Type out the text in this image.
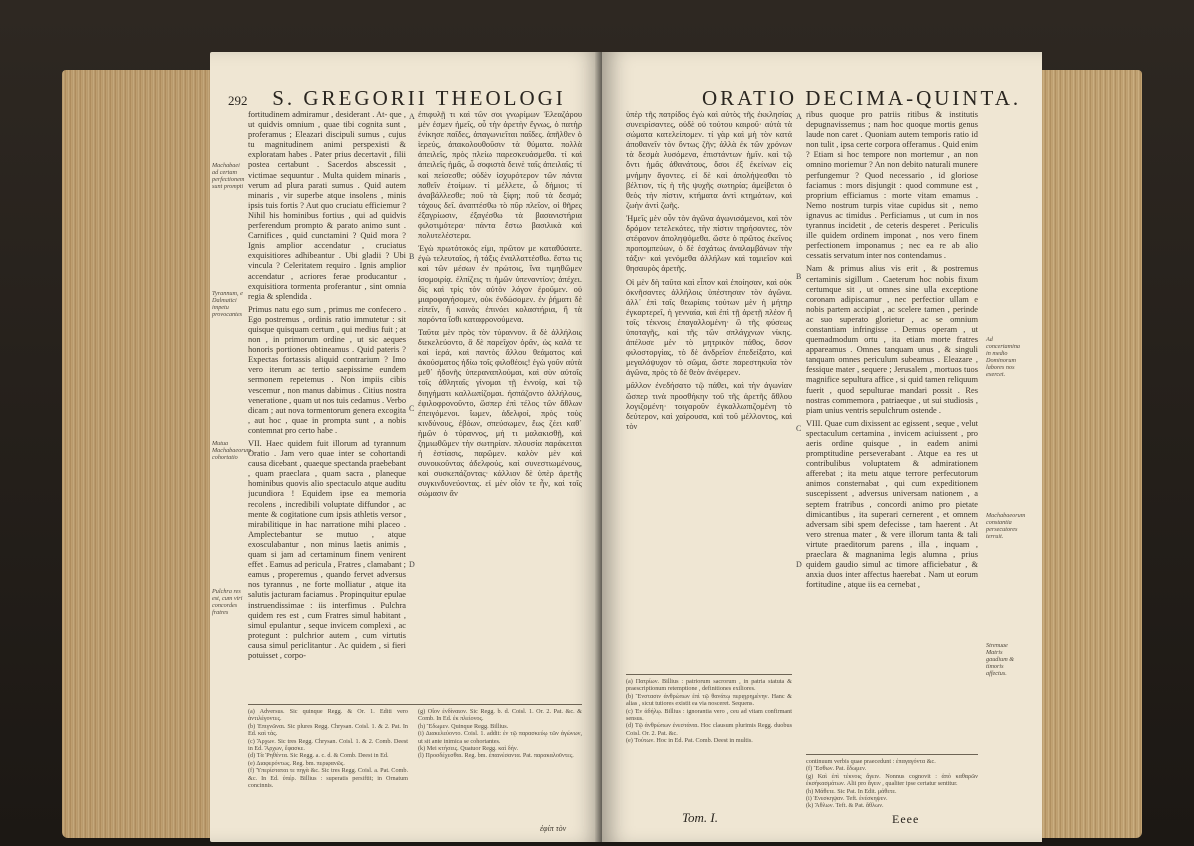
292 S. GREGORII THEOLOGI
Machabaei ad certam perfectionem sunt prompti
Tyrannum, e Dalmatici impetu provocantes
Mutua Machabaeorum cohortatio
Pulchra res est, cum viri concordes fratres

fortitudinem admiramur , desiderant . At- que , ut quidvis omnium , quae tibi cognita sunt , proferamus ; Eleazari discipuli sumus , cujus tu magnitudinem animi perspexisti & exploratam habes . Pater prius decertavit , filii postea certabunt . Sacerdos abscessit , victimae sequuntur . Multa quidem minaris , verum ad plura parati sumus . Quid autem minaris , vir superbe atque insolens , minis ipsis tuis fortis ? Aut quo cruciatu efficiemur ? Nihil his hominibus fortius , qui ad quidvis perferendum prompto & parato animo sunt . Carnifices , quid cunctamini ? Quid mora ? Ignis amplior accendatur , cruciatus exquisitiores adhibeantur . Ubi gladii ? Ubi vincula ? Celeritatem requiro . Ignis amplior accendatur , acriores ferae producantur , exquisitiora tormenta proferantur , sint omnia regia & splendida .

Primus natu ego sum , primus me confecero . Ego postremus , ordinis ratio immutetur : sit quisque quisquam certum , qui medius fuit ; at non , in primorum ordine , ut sic aeques honoris portiones obtineamus . Quid pateris ? Expectas fortassis aliquid contrarium ? Imo vero iterum ac tertio saepissime eundem sermonem repetemus . Non impiis cibis vescemur , non manus dabimus . Citius nostra veneratione , quam ut nos tuis cedamus . Verbo dicam ; aut nova tormentorum genera excogita , aut hoc , quae in prompta sunt , a nobis contemnat pro certo habe .

VII. Haec quidem fuit illorum ad tyrannum Oratio . Jam vero quae inter se cohortandi causa dicebant , quaeque spectanda praebebant , quam praeclara , quam sacra , planeque hominibus quovis alio spectaculo atque auditu jucundiora ! Equidem ipse ea memoria recolens , incredibili voluptate diffundor , ac mente & cogitatione cum ipsis athletis versor , mirabilitique in hac narratione mihi placeo . Amplectebantur se mutuo , atque exosculabantur , non minus laetis animis , quam si jam ad certaminum finem venirent effet . Eamus ad pericula , Fratres , clamabant ; eamus , properemus , quando fervet adversus nos tyrannus , ne forte molliatur , atque ita salutis jacturam faciamus . Propinquitur epulae instruendissimae : iis interfimus . Pulchra quidem res est , cum Fratres simul habitant , simul epulantur , seque invicem complexi , ac protegunt : pulchrior autem , cum virtutis causa simul periclitantur . Ac quidem , si fieri potuisset , corpo-

A
B
C
D

ἐπιφυλῇ τι καὶ τῶν σοι γνωρίμων Ἐλεαζάρου μὲν ἐσμεν ἡμεῖς, οὗ τὴν ἀρετὴν ἔγνως, ὁ πατὴρ ἐνίκησε παῖδες, ἀπαγωνιεῖται παῖδες. ἀπῆλθεν ὁ ἱερεύς, ἀπακολουθοῦσιν τὰ θύματα. πολλὰ ἀπειλεῖς, πρὸς πλείω παρεσκευάσμεθα. τί καὶ ἀπειλεῖς ἡμᾶς, ὦ σοφιστὰ δεινὲ ταῖς ἀπειλαῖς; τί καὶ πείσεσθε; οὐδὲν ἰσχυρότερον τῶν πάντα παθεῖν ἑτοίμων. τί μέλλετε, ὦ δήμιοι; τί ἀναβάλλεσθε; ποῦ τὰ ξίφη; ποῦ τὰ δεσμά; τάχους δεῖ. ἀναπτέσθω τὸ πῦρ πλεῖον, οἱ θῆρες ἐξαγρίωσιν, ἐξαγέσθω τὰ βασανιστήρια φιλοτιμότερα· πάντα ἔστω βασιλικὰ καὶ πολυτελέστερα.

Ἐγὼ πρωτότοκός εἰμι, πρῶτον με καταθύσατε. ἐγὼ τελευταῖος, ἡ τάξις ἐναλλαττέσθω. ἔστω τις καὶ τῶν μέσων ἐν πρώτοις, ἵνα τιμηθῶμεν ἰσομοιρίᾳ. ἐλπίζεις τι ἡμῶν ὑπεναντίον; ἀπέχει. δὶς καὶ τρὶς τὸν αὐτὸν λόγον ἐροῦμεν. οὐ μιαροφαγήσομεν, οὐκ ἐνδώσομεν. ἐν ῥήματι δὲ εἰπεῖν, ἢ καινὰς ἐπινόει κολαστήρια, ἢ τὰ παρόντα ἴσθι καταφρονούμενα.

Ταῦτα μὲν πρὸς τὸν τύραννον. ἃ δὲ ἀλλήλοις διεκελεύοντο, ἃ δὲ παρεῖχον ὁρᾶν, ὡς καλὰ τε καὶ ἱερά, καὶ παντὸς ἄλλου θεάματος καὶ ἀκούσματος ἡδίω τοῖς φιλοθέοις! ἐγὼ γοῦν αὐτὰ μεθ᾽ ἡδονῆς ὑπεραναπλούμαι, καὶ σὺν αὐτοῖς τοῖς ἀθληταῖς γίνομαι τῇ ἐννοίᾳ, καὶ τῷ διηγήματι καλλωπίζομαι. ἠσπάζοντο ἀλλήλους, ἐφιλοφρονοῦντο, ὥσπερ ἐπὶ τέλος τῶν ἄθλων ἐπειγόμενοι. ἴωμεν, ἀδελφοί, πρὸς τοὺς κινδύνους, ἐβόων, σπεύσωμεν, ἕως ζέει καθ᾽ ἡμῶν ὁ τύραννος, μή τι μαλακισθῇ, καὶ ζημιωθῶμεν τὴν σωτηρίαν. πλουσία παράκειται ἡ ἑστίασις, παρῶμεν. καλὸν μὲν καὶ συνοικοῦντας ἀδελφούς, καὶ συνεστιωμένους, καὶ συσκεπάζοντας· κάλλιον δὲ ὑπὲρ ἀρετῆς συγκινδυνεύοντας. εἰ μὲν οἷόν τε ἦν, καὶ τοῖς σώμασιν ἂν

(a) Adversus. Sic quinque Regg. & Or. 1. Editi vero ἀντιλέγοντες.
(b) Ἐπιγνῶναι. Sic plures Regg. Chrysan. Coisl. 1. & 2. Pat. In Ed. καὶ τὰς.
(c) Ἄρχων. Sic tres Regg. Chrysan. Coisl. 1. & 2. Comb. Deest in Ed. Ἄρχων, ἔφασκε.
(d) Τὰ Ῥηθέντα. Sic Regg. a. c. d. & Comb. Deest in Ed.
(e) Διαφερόντως. Reg. bm. περιφανῶς.
(f) Ὑπερίσταται τε πηγὰ &c. Sic tres Regg. Coisl. a. Pat. Comb. &c. In Ed. ὑπέρ. Billius : superatis persiftit; in Ornatum concinnis.
(g) Οἷον ἐνδίναιον. Sic Regg. b. d. Coisl. 1. Or. 2. Pat. &c. & Comb. In Ed. ἐκ πλείονος.
(h) Ἔδωμεν. Quinque Regg. Billius.
(i) Διακελεύοντο. Coisl. 1. addit: ἐν τῷ παρασκεύῳ τῶν ἀγώνων, ut sit ante inimica se cohortantes.
(k) Mei κτήσεις. Quatuor Regg. καὶ δήν.
(l) Προσδέχεσθαι. Reg. bm. ἐπαινέσαντα. Pat. παρακαλοῦντες.
ἐφίπ τὸν
ORATIO DECIMA-QUINTA.

ὑπὲρ τῆς πατρίδος ἐγὼ καὶ αὐτὸς τῆς ἐκκλησίας συνειρίσαντες, οὐδὲ οὐ τούτου καιροῦ· αὐτὰ τὰ σώματα κατελείπομεν. τί γὰρ καὶ μὴ τὸν κατά ἀποθανεῖν τὸν ὄντως ζῆν; ἀλλὰ ἐκ τῶν χρόνων τὰ δεσμὰ λυσόμενα, ἐπιστάντων ἡμῖν. καὶ τῷ ὄντι ἡμᾶς ἀθανάτους, ὅσοι ἐξ ἐκείνων εἰς μνήμην ἄγοντες. εἰ δὲ καὶ ἀπολήψεσθαι τὸ βέλτιον, τίς ἡ τῆς ψυχῆς σωτηρία; ἀμείβεται ὁ θεὸς τὴν πίστιν, κτήματα ἀντὶ κτημάτων, καὶ ζωὴν ἀντὶ ζωῆς.

Ἡμεῖς μὲν οὖν τὸν ἀγῶνα ἀγωνισάμενοι, καὶ τὸν δρόμον τετελεκότες, τὴν πίστιν τηρήσαντες, τὸν στέφανον ἀποληψόμεθα. ὥστε ὁ πρῶτος ἐκεῖνος προπομπεύων, ὁ δὲ ἐσχάτως ἀναλαμβάνων τὴν τάξιν· καὶ γενόμεθα ἀλλήλων καὶ ταμιεῖον καὶ θησαυρὸς ἀρετῆς.

Οἱ μὲν δὴ ταῦτα καὶ εἶπον καὶ ἐποίησαν, καὶ οὐκ ὀκνῆσαντες ἀλλήλοις ὑπέστησαν τὸν ἀγῶνα. ἀλλ᾽ ἐπὶ ταῖς θεωρίαις τούτων μὲν ἡ μήτηρ ἐγκαρτερεῖ, ἡ γενναία, καὶ ἐπὶ τῇ ἀρετῇ πλέον ἢ τοῖς τέκνοις ἐπαγαλλομένη· ὢ τῆς φύσεως ὑποταγῆς, καὶ τῆς τῶν σπλάγχνων νίκης. ἀπέλυσε μὲν τὸ μητρικὸν πάθος, ὅσον φιλοστοργίας, τὸ δὲ ἀνδρεῖον ἐπεδείξατο, καὶ μεγαλόψυχον τὸ σῶμα, ὥστε παρεστηκυῖα τὸν ἀγῶνα, πρὸς τὸ δὲ θεὸν ἀνέφερεν.

μᾶλλον ἐνεδήσατο τῷ πάθει, καὶ τὴν ἀγωνίαν ὥσπερ τινὰ προσθήκην τοῦ τῆς ἀρετῆς ἄθλου λογιζομένη· τοιγαροῦν ἐγκαλλωπιζομένη τὸ δεύτερον, καὶ χαίρουσα, καὶ τοῦ μέλλοντος, καὶ τὸν

A
B
C
D

ribus quoque pro patriis ritibus & institutis depugnavissemus ; nam hoc quoque mortis genus laude non caret . Quoniam autem temporis ratio id non tulit , ipsa certe corpora offeramus . Quid enim ? Etiam si hoc tempore non mortemur , an non omnino moriemur ? An non debito naturali munere perfungemur ? Quod necessario , id gloriose faciamus : mors disjungit : quod commune est , proprium efficiamus : morte vitam emamus . Nemo nostrum turpis vitae cupidus sit , nemo ignavus ac timidus . Perficiamus , ut cum in nos tyrannus incidetit , de ceteris desperet . Periculis ille quidem ordinem imponat , nos vero finem perfectionem imponamus ; nec ea re ab alio cessatis servatum inter nos contendamus .

Nam & primus alius vis erit , & postremus certaminis sigillum . Caeterum hoc nobis fixum certumque sit , ut omnes sine ulla exceptione coronam adipiscamur , nec perfectior ullam e nobis partem accipiat , ac scelere tamen , perinde ac suo superato glorietur , ac se omnium constantiam infringisse . Demus operam , ut quemadmodum ortu , ita etiam morte fratres appareamus . Omnes tanquam unus , & singuli tanquam omnes periculum subeamus . Eleazare , fessique mater , sequere ; Jerusalem , mortuos tuos magnifice sepultura affice , si quid tamen reliquum fuerit , quod sepulturae mandari possit . Res nostras commemora , patriaeque , ut sui studiosis , piam unius ventris sepulchrum ostende .

VIII. Quae cum dixissent ac egissent , seque , velut spectaculum certamina , invicem aciuissent , pro aeris ordine quisque , in eadem animi promptitudine perseverabant . Atque ea res ut contribulibus voluptatem & admirationem afferebat ; ita metu atque terrore perfecutorum animos consternabat , qui cum expeditionem suscepissent , adversus universam nationem , a septem fratribus , concordi animo pro pietate dimicantibus , ita superari cernerent , et omnem adversam sibi spem defecisse , tam haerent . At vero strenua mater , & vere illorum tanta & tali virtute praeditorum parens , illa , inquam , praeclara & magnanima legis alumna , prius quidem gaudio simul ac timore afficiebatur , & anxia duos inter affectus haerebat . Nam ut eorum fortitudine , atque iis ea cernebat ,

Ad concertamina in medio Dominorum labores nos exercet.
Machabaeorum constantia persecutores terruit.
Strenuae Matris gaudium & timoris affectus.
(a) Πατρίων. Billius : patriorum sacrorum , in patria statuta & praescriptionum retemptione , definitiones exiliores.
(b) Ἔνστασιν ἀνθρώπων ἐπὶ τῷ θανάτῳ περιῃρημένην. Hanc & alias , sicut tutiores existit ea via nosceret. Sequens.
(c) Ἐν ἀδήλῳ. Billius : ignorantia vero , ceu ad vitam confirmant sensus.
(d) Τῷ ἀνθρώπων ἐνεστάναι. Hoc clausum plurimis Regg. duobus Coisl. Or. 2. Pat. &c.
(e) Τούτων. Hoc in Ed. Pat. Comb. Deest in multis.
continuum verbis quae praecedunt : ἐπαγαγόντα &c.
(f) Ἔσθων. Pat. ἔδωμεν.
(g) Καὶ ἐπὶ τέκνοις ἄγειν. Nonnus cognovit : ἀπὸ καθαρῶν ἐκσήκασμάτων. Alii pro ἄγειν , qualiter ipse certatur sentitur.
(h) Μάθετε. Sic Pat. In Edit. μάθετε.
(i) Ἐνεσκηψαν. Teft. ἐνέσκηψεν.
(k) Ἄθλων. Teft. & Pat. ἄθλων.
Tom. I.	Eeee
